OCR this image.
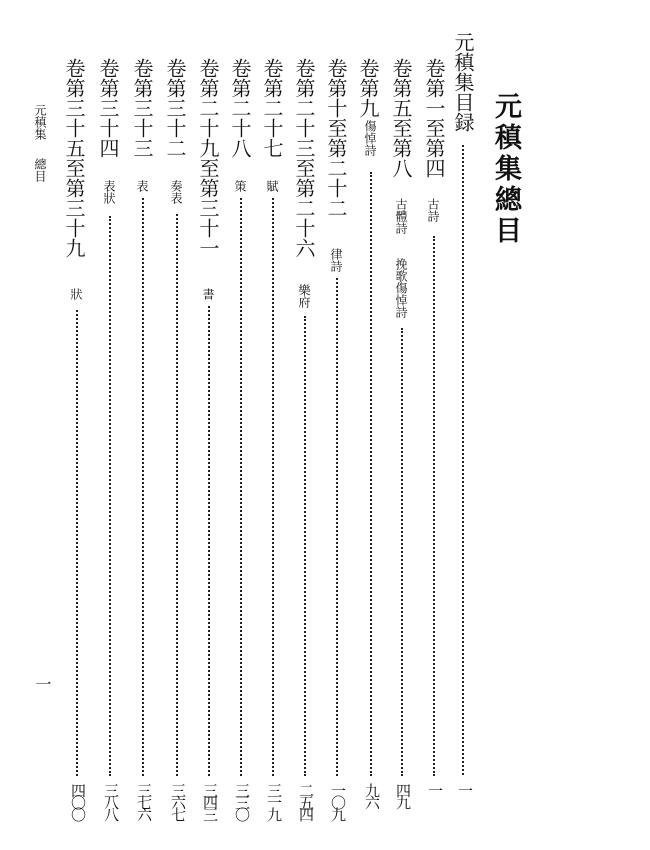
元稹集總目
元稹集
總目
一
元稹集目録
一
卷第一至第四
古詩
一
卷第五至第八
古體詩
挽歌傷悼詩
四九
卷第九
傷悼詩
九六
卷第十至第二十二
律詩
一〇九
卷第二十三至第二十六
樂府
二五四
卷第二十七
賦
三一九
卷第二十八
策
三三〇
卷第二十九至第三十一
書
三四三
卷第三十二
奏表
三六七
卷第三十三
表
三七六
卷第三十四
表狀
三八八
卷第三十五至第三十九
狀
四〇〇
